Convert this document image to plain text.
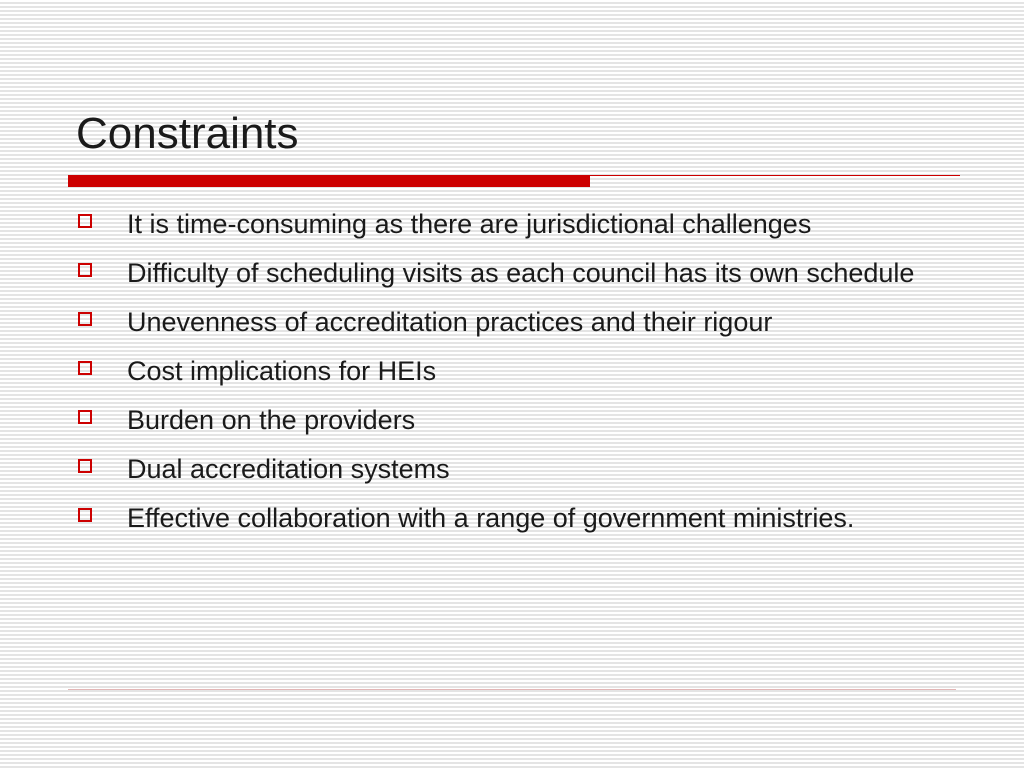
Constraints
It is time-consuming as there are jurisdictional challenges
Difficulty of scheduling visits as each council has its own schedule
Unevenness of accreditation practices and their rigour
Cost implications for HEIs
Burden on the providers
Dual accreditation systems
Effective collaboration with a range of government ministries.
